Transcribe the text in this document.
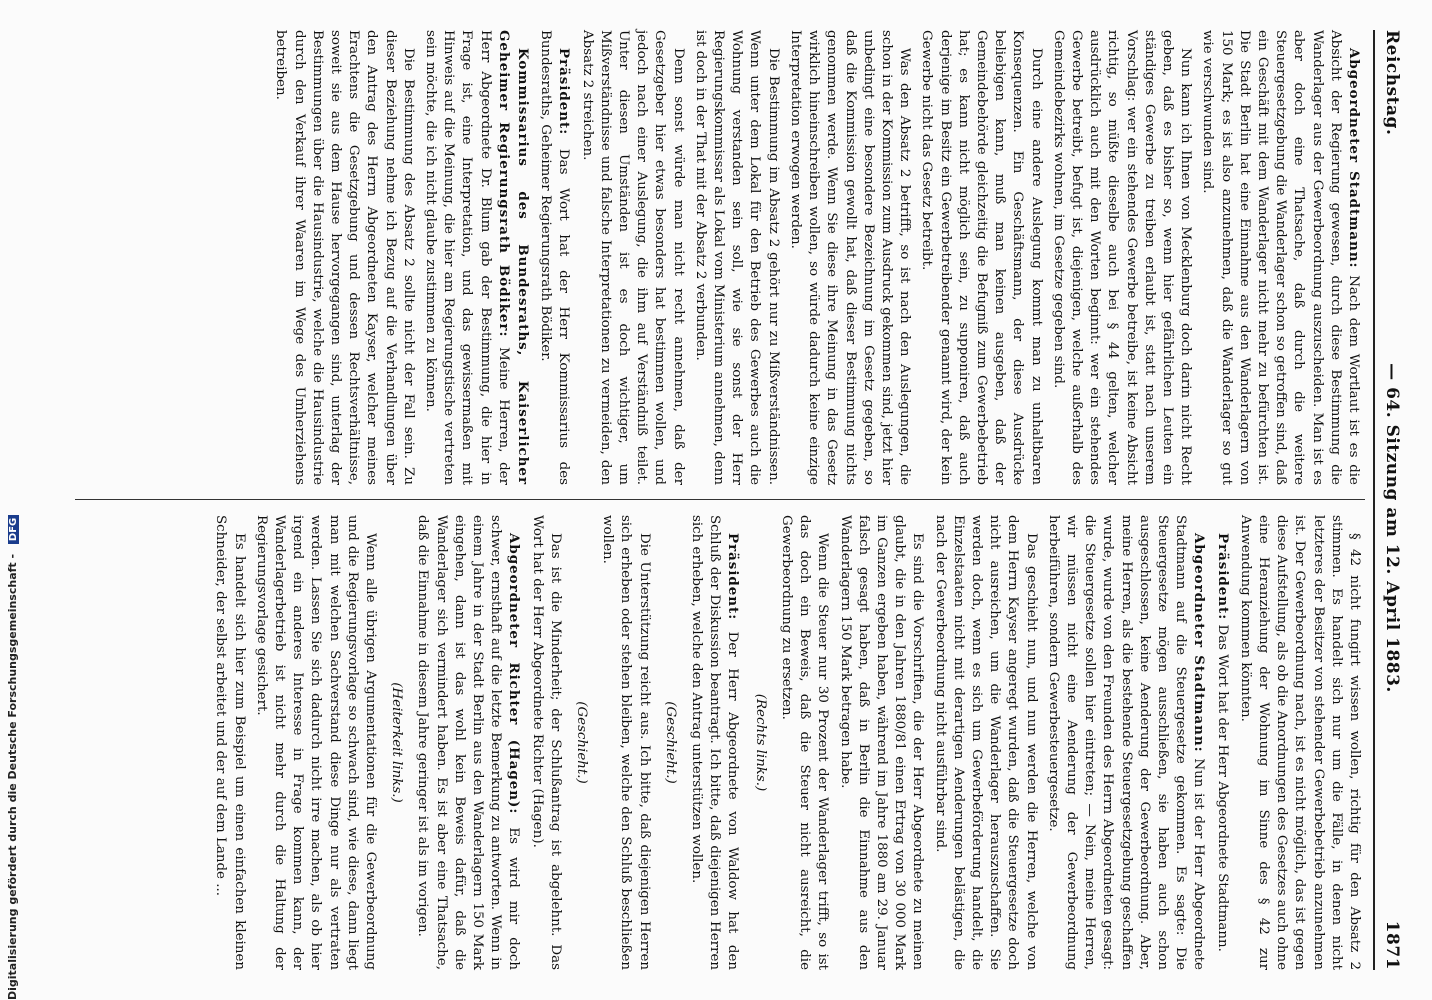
Reichstag.
— 64. Sitzung am 12. April 1883.
1871

Abgeordneter Stadtmann: Nach dem Wortlaut ist es die Absicht der Regierung gewesen, durch diese Bestimmung die Wanderlager aus der Gewerbeordnung auszuscheiden. Man ist es aber doch eine Thatsache, daß durch die weitere Steuergesetzgebung die Wanderlager schon so getroffen sind, daß ein Geschäft mit dem Wanderlager nicht mehr zu befürchten ist. Die Stadt Berlin hat eine Einnahme aus den Wanderlagern von 150 Mark; es ist also anzunehmen, daß die Wanderlager so gut wie verschwunden sind.

Nun kann ich Ihnen von Mecklenburg doch darin nicht Recht geben, daß es bisher so, wenn hier gefährlichen Leuten ein ständiges Gewerbe zu treiben erlaubt ist, statt nach unserem Vorschlag: wer ein stehendes Gewerbe betreibe, ist keine Absicht richtig, so müßte dieselbe auch bei § 44 gelten, welcher ausdrücklich auch mit den Worten beginnt: wer ein stehendes Gewerbe betreibt, befugt ist, diejenigen, welche außerhalb des Gemeindebezirks wohnen, im Gesetze gegeben sind.

Durch eine andere Auslegung kommt man zu unhaltbaren Konsequenzen. Ein Geschäftsmann, der diese Ausdrücke beliebigen kann, muß man keinen ausgeben, daß der Gemeindebehörde gleichzeitig die Befugniß zum Gewerbebetrieb hat; es kann nicht möglich sein, zu supponiren, daß auch derjenige im Besitz ein Gewerbetreibender genannt wird, der kein Gewerbe nicht das Gesetz betreibt.

Was den Absatz 2 betrifft, so ist nach den Auslegungen, die schon in der Kommission zum Ausdruck gekommen sind, jetzt hier unbedingt eine besondere Bezeichnung im Gesetz gegeben, so daß die Kommission gewollt hat, daß dieser Bestimmung nichts genommen werde. Wenn Sie diese ihre Meinung in das Gesetz wirklich hineinschreiben wollen, so würde dadurch keine einzige Interpretation erwogen werden.

Die Bestimmung im Absatz 2 gehört nur zu Mißverständnissen. Wenn unter dem Lokal für den Betrieb des Gewerbes auch die Wohnung verstanden sein soll, wie sie sonst der Herr Regierungskommissar als Lokal vom Ministerium annehmen, denn ist doch in der That mit der Absatz 2 verbunden.

Denn sonst würde man nicht recht annehmen, daß der Gesetzgeber hier etwas besonders hat bestimmen wollen, und jedoch nach einer Auslegung, die ihm auf Verständniß teilet. Unter diesen Umständen ist es doch wichtiger, um Mißverständnisse und falsche Interpretationen zu vermeiden, den Absatz 2 streichen.

Präsident: Das Wort hat der Herr Kommissarius des Bundesraths, Geheimer Regierungsrath Bödiker.

Kommissarius des Bundesraths, Kaiserlicher Geheimer Regierungsrath Bödiker: Meine Herren, der Herr Abgeordnete Dr. Blum gab der Bestimmung, die hier in Frage ist, eine Interpretation, und das gewissermaßen mit Hinweis auf die Meinung, die hier am Regierungstische vertreten sein möchte, die ich nicht glaube zustimmen zu können.

Die Bestimmung des Absatz 2 sollte nicht der Fall sein. Zu dieser Beziehung nehme ich Bezug auf die Verhandlungen über den Antrag des Herrn Abgeordneten Kayser, welcher meines Erachtens die Gesetzgebung und dessen Rechtsverhältnisse, soweit sie aus dem Hause hervorgegangen sind, unterlag der Bestimmungen über die Hausindustrie, welche die Hausindustrie durch den Verkauf ihrer Waaren im Wege des Umherziehens betreiben.

§ 42 nicht fungirt wissen wollen, richtig für den Absatz 2 stimmen. Es handelt sich nur um die Fälle, in denen nicht letzteres der Besitzer von stehender Gewerbebetrieb anzunehmen ist. Der Gewerbeordnung nach, ist es nicht möglich, das ist gegen diese Aufstellung, als ob die Anordnungen des Gesetzes auch ohne eine Heranziehung der Wohnung im Sinne des § 42 zur Anwendung kommen könnten.

Präsident: Das Wort hat der Herr Abgeordnete Stadtmann.

Abgeordneter Stadtmann: Nun ist der Herr Abgeordnete Stadtmann auf die Steuergesetze gekommen. Es sagte: Die Steuergesetze mögen ausschließen, sie haben auch schon ausgeschlossen, keine Aenderung der Gewerbeordnung. Aber, meine Herren, als die bestehende Steuergesetzgebung geschaffen wurde, wurde von den Freunden des Herrn Abgeordneten gesagt: die Steuergesetze sollen hier eintreten; — Nein, meine Herren, wir müssen nicht eine Aenderung der Gewerbeordnung herbeiführen, sondern Gewerbesteuergesetze.

Das geschieht nun, und nun werden die Herren, welche von dem Herrn Kayser angeregt wurden, daß die Steuergesetze doch nicht ausreichen, um die Wanderlager herauszuschaffen. Sie werden doch, wenn es sich um Gewerbeförderung handelt, die Einzelstaaten nicht mit derartigen Aenderungen belästigen, die nach der Gewerbeordnung nicht ausführbar sind.

Es sind die Vorschriften, die der Herr Abgeordnete zu meinen glaubt, die in den Jahren 1880/81 einen Ertrag von 30 000 Mark im Ganzen ergeben haben, während im Jahre 1880 am 29. Januar falsch gesagt haben, daß in Berlin die Einnahme aus den Wanderlagern 150 Mark betragen habe.

Wenn die Steuer nur 30 Prozent der Wanderlager trifft, so ist das doch ein Beweis, daß die Steuer nicht ausreicht, die Gewerbeordnung zu ersetzen.

(Rechts links.)

Präsident: Der Herr Abgeordnete von Waldow hat den Schluß der Diskussion beantragt. Ich bitte, daß diejenigen Herren sich erheben, welche den Antrag unterstützen wollen.

(Geschieht.)

Die Unterstützung reicht aus. Ich bitte, daß diejenigen Herren sich erheben oder stehen bleiben, welche den Schluß beschließen wollen.

(Geschieht.)

Das ist die Minderheit; der Schlußantrag ist abgelehnt. Das Wort hat der Herr Abgeordnete Richter (Hagen).

Abgeordneter Richter (Hagen): Es wird mir doch schwer, ernsthaft auf die letzte Bemerkung zu antworten. Wenn in einem Jahre in der Stadt Berlin aus den Wanderlagern 150 Mark eingehen, dann ist das wohl kein Beweis dafür, daß die Wanderlager sich vermindert haben. Es ist aber eine Thatsache, daß die Einnahme in diesem Jahre geringer ist als im vorigen.

(Heiterkeit links.)

Wenn alle übrigen Argumentationen für die Gewerbeordnung und die Regierungsvorlage so schwach sind, wie diese, dann liegt man mit welchen Sachverstand diese Dinge nur als vertraten werden. Lassen Sie sich dadurch nicht irre machen, als ob hier irgend ein anderes Interesse in Frage kommen kann, der Wanderlagerbetrieb ist nicht mehr durch die Haltung der Regierungsvorlage gesichert.

Es handelt sich hier zum Beispiel um einen einfachen kleinen Schneider, der selbst arbeitet und der auf dem Lande ...

Digitalisierung gefördert durch die Deutsche Forschungsgemeinschaft - DFG
